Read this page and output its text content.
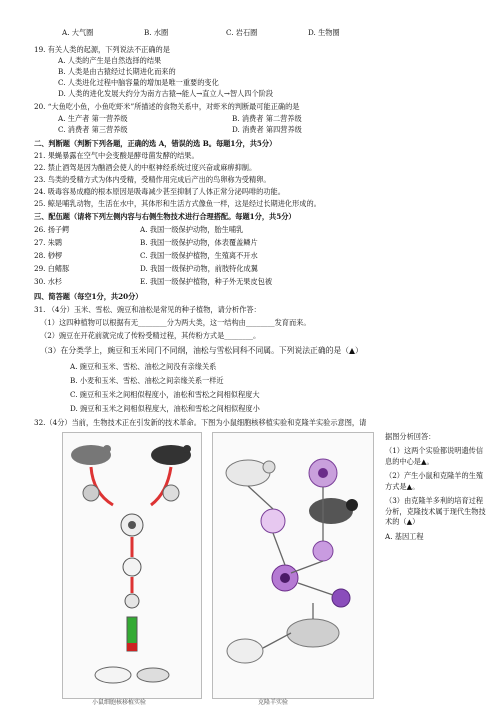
A. 大气圈	B. 水圈	C. 岩石圈	D. 生物圈
19. 有关人类的起源，下列说法不正确的是
A. 人类的产生是自然选择的结果
B. 人类是由古猿经过长期进化而来的
C. 人类进化过程中脑容量的增加是唯一重要的变化
D. 人类的进化发展大约分为南方古猿→能人→直立人→智人四个阶段
20. “大鱼吃小鱼，小鱼吃虾米”所描述的食物关系中，对虾米的判断最可能正确的是
A. 生产者 第一营养级	B. 消费者 第二营养级
C. 消费者 第三营养级	D. 消费者 第四营养级
二、判断题（判断下列各题，正确的选 A，错误的选 B。每题1分，共5分）
21. 果蝇暴露在空气中会变酸是酵母菌发酵的结果。
22. 禁止酒驾是因为酗酒会使人的中枢神经系统过度兴奋或麻痹抑制。
23. 鸟类的受精方式为体内受精，受精作用完成后产出的鸟卵称为受精卵。
24. 吸毒容易成瘾的根本原因是吸毒减少甚至抑制了人体正常分泌吗啡的功能。
25. 鲸是哺乳动物，生活在水中，其体形和生活方式像鱼一样，这是经过长期进化形成的。
三、配伍题（请将下列左侧内容与右侧生物技术进行合理搭配。每题1分，共5分）
26. 扬子鳄	A. 我国一级保护动物，胎生哺乳
27. 朱鹮	B. 我国一级保护动物，体表覆盖鳞片
28. 桫椤	C. 我国一级保护植物，生殖离不开水
29. 白鳍豚	D. 我国一级保护动物，前肢特化成翼
30. 水杉	E. 我国一级保护植物，种子外无果皮包被
四、简答题（每空1分，共20分）
31. （4分）玉米、雪松、豌豆和油松是常见的种子植物，请分析作答：
（1）这四种植物可以根据有无________分为两大类，这一结构由________发育而来。
（2）豌豆在开花前就完成了传粉受精过程，其传粉方式是________。
（3）在分类学上，豌豆和玉米同门不同纲，油松与雪松同科不同属。下列说法正确的是（▲）
A. 豌豆和玉米、雪松、油松之间没有亲缘关系
B. 小麦和玉米、雪松、油松之间亲缘关系一样近
C. 豌豆和玉米之间相似程度小，油松和雪松之间相似程度大
D. 豌豆和玉米之间相似程度大，油松和雪松之间相似程度小
32.（4分）当前，生物技术正在引发新的技术革命。下图为小鼠细胞核移植实验和克隆羊实验示意图，请
小鼠细胞核移植实验	克隆羊实验
据图分析回答：
（1）这两个实验都说明遗传信息的中心是▲。
（2）产生小鼠和克隆羊的生殖方式是▲。
（3）由克隆羊多利的培育过程分析，克隆技术属于现代生物技术的（▲）
A. 基因工程
